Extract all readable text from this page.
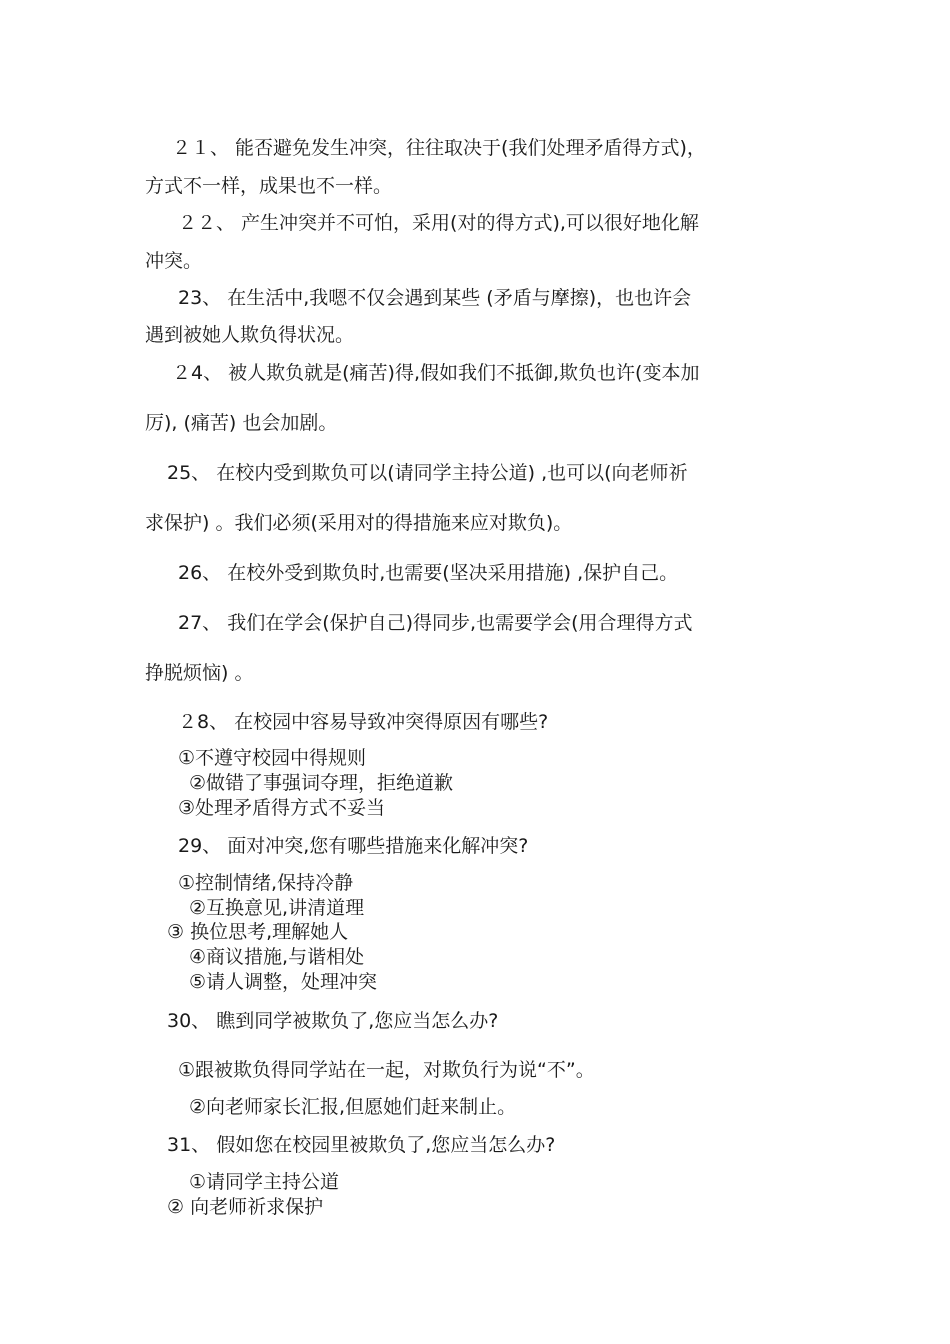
２１、 能否避免发生冲突，往往取决于(我们处理矛盾得方式)，
方式不一样，成果也不一样。
２２、 产生冲突并不可怕，采用(对的得方式),可以很好地化解
冲突。
23、 在生活中,我嗯不仅会遇到某些 (矛盾与摩擦)，也也许会
遇到被她人欺负得状况。
２4、 被人欺负就是(痛苦)得,假如我们不抵御,欺负也许(变本加
厉), (痛苦) 也会加剧。
25、 在校内受到欺负可以(请同学主持公道) ,也可以(向老师祈
求保护) 。我们必须(采用对的得措施来应对欺负)。
26、 在校外受到欺负时,也需要(坚决采用措施) ,保护自己。
27、 我们在学会(保护自己)得同步,也需要学会(用合理得方式
挣脱烦恼) 。
２8、 在校园中容易导致冲突得原因有哪些?
①不遵守校园中得规则
②做错了事强词夺理，拒绝道歉
③处理矛盾得方式不妥当
29、 面对冲突,您有哪些措施来化解冲突?
①控制情绪,保持冷静
②互换意见,讲清道理
③ 换位思考,理解她人
④商议措施,与谐相处
⑤请人调整，处理冲突
30、 瞧到同学被欺负了,您应当怎么办?
①跟被欺负得同学站在一起，对欺负行为说“不”。
②向老师家长汇报,但愿她们赶来制止。
31、 假如您在校园里被欺负了,您应当怎么办?
①请同学主持公道
② 向老师祈求保护
